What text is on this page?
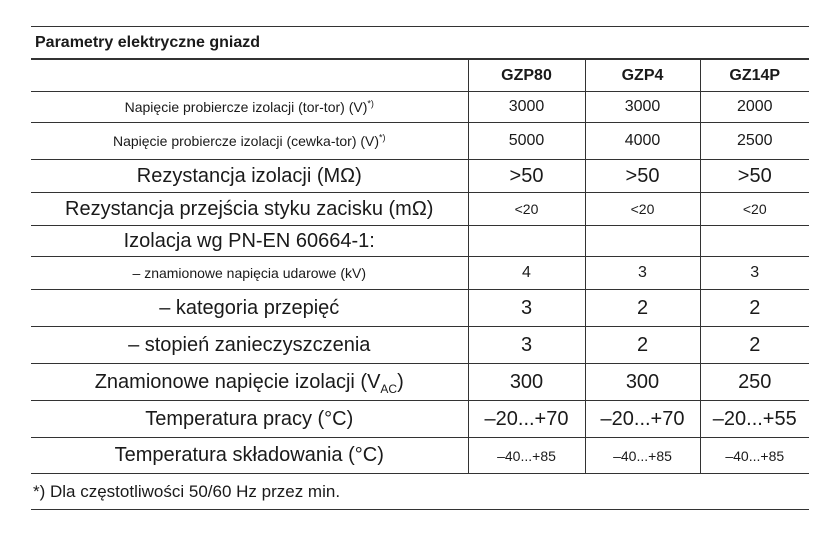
Parametry elektryczne gniazd
	GZP80	GZP4	GZ14P
Napięcie probiercze izolacji (tor-tor) (V)*)	3000	3000	2000
Napięcie probiercze izolacji (cewka-tor) (V)*)	5000	4000	2500
Rezystancja izolacji (MΩ)	>50	>50	>50
Rezystancja przejścia styku zacisku (mΩ)	<20	<20	<20
Izolacja wg PN-EN 60664-1:			
– znamionowe napięcia udarowe (kV)	4	3	3
– kategoria przepięć	3	2	2
– stopień zanieczyszczenia	3	2	2
Znamionowe napięcie izolacji $(V_{AC})$	300	300	250
Temperatura pracy (°C)	–20...+70	–20...+70	–20...+55
Temperatura składowania (°C)	–40...+85	–40...+85	–40...+85
*) Dla częstotliwości 50/60 Hz przez min.
